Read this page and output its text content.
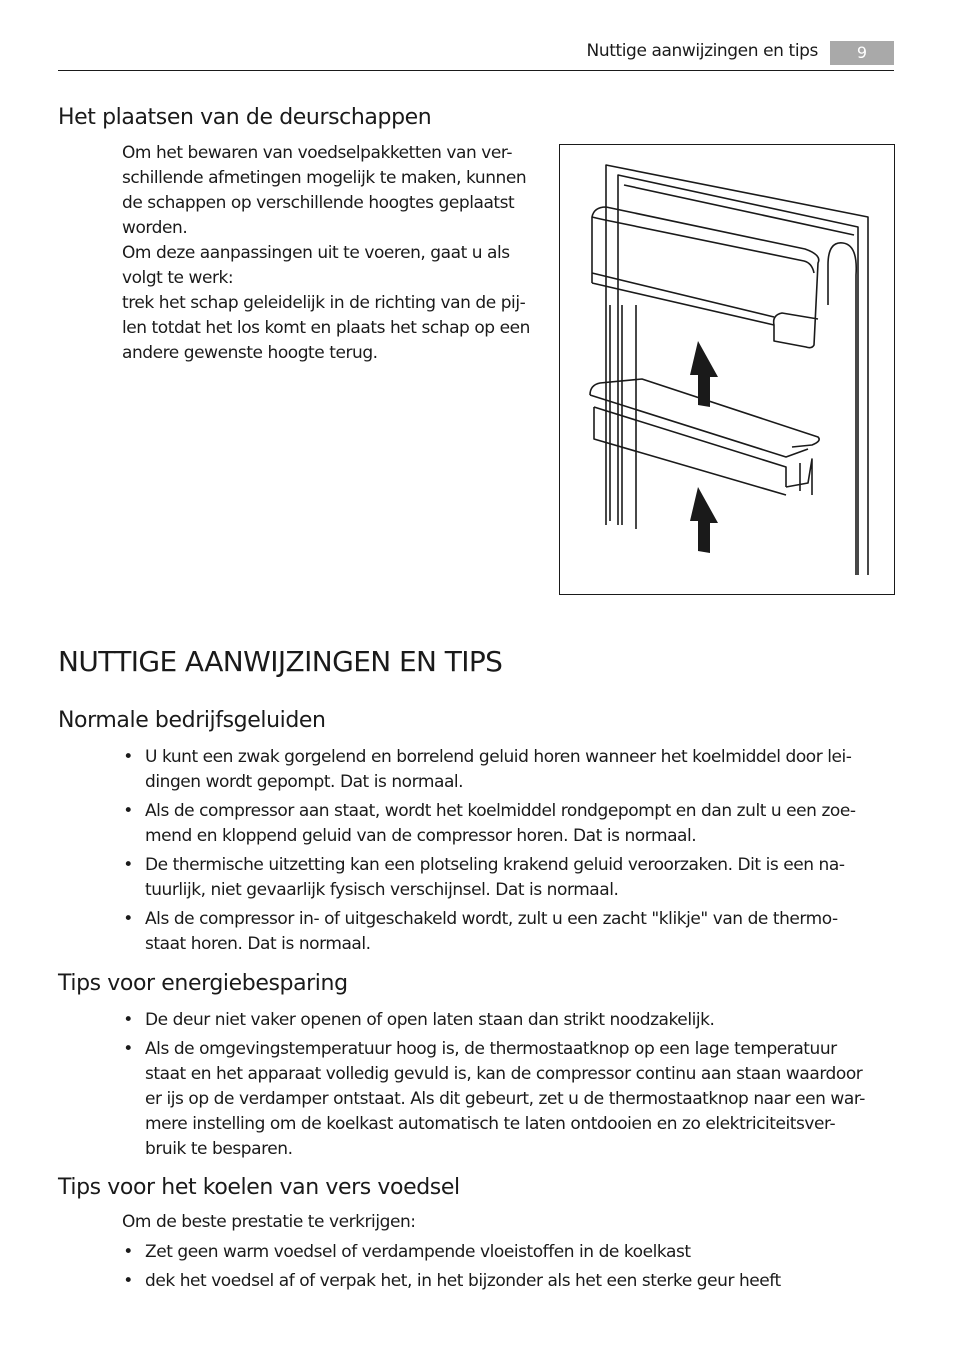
Nuttige aanwijzingen en tips	9
Het plaatsen van de deurschappen
Om het bewaren van voedselpakketten van ver-
schillende afmetingen mogelijk te maken, kunnen
de schappen op verschillende hoogtes geplaatst
worden.
Om deze aanpassingen uit te voeren, gaat u als
volgt te werk:
trek het schap geleidelijk in de richting van de pij-
len totdat het los komt en plaats het schap op een
andere gewenste hoogte terug.
NUTTIGE AANWIJZINGEN EN TIPS
Normale bedrijfsgeluiden
• U kunt een zwak gorgelend en borrelend geluid horen wanneer het koelmiddel door lei-
dingen wordt gepompt. Dat is normaal.
• Als de compressor aan staat, wordt het koelmiddel rondgepompt en dan zult u een zoe-
mend en kloppend geluid van de compressor horen. Dat is normaal.
• De thermische uitzetting kan een plotseling krakend geluid veroorzaken. Dit is een na-
tuurlijk, niet gevaarlijk fysisch verschijnsel. Dat is normaal.
• Als de compressor in- of uitgeschakeld wordt, zult u een zacht "klikje" van de thermo-
staat horen. Dat is normaal.
Tips voor energiebesparing
• De deur niet vaker openen of open laten staan dan strikt noodzakelijk.
• Als de omgevingstemperatuur hoog is, de thermostaatknop op een lage temperatuur
staat en het apparaat volledig gevuld is, kan de compressor continu aan staan waardoor
er ijs op de verdamper ontstaat. Als dit gebeurt, zet u de thermostaatknop naar een war-
mere instelling om de koelkast automatisch te laten ontdooien en zo elektriciteitsver-
bruik te besparen.
Tips voor het koelen van vers voedsel
Om de beste prestatie te verkrijgen:
• Zet geen warm voedsel of verdampende vloeistoffen in de koelkast
• dek het voedsel af of verpak het, in het bijzonder als het een sterke geur heeft
